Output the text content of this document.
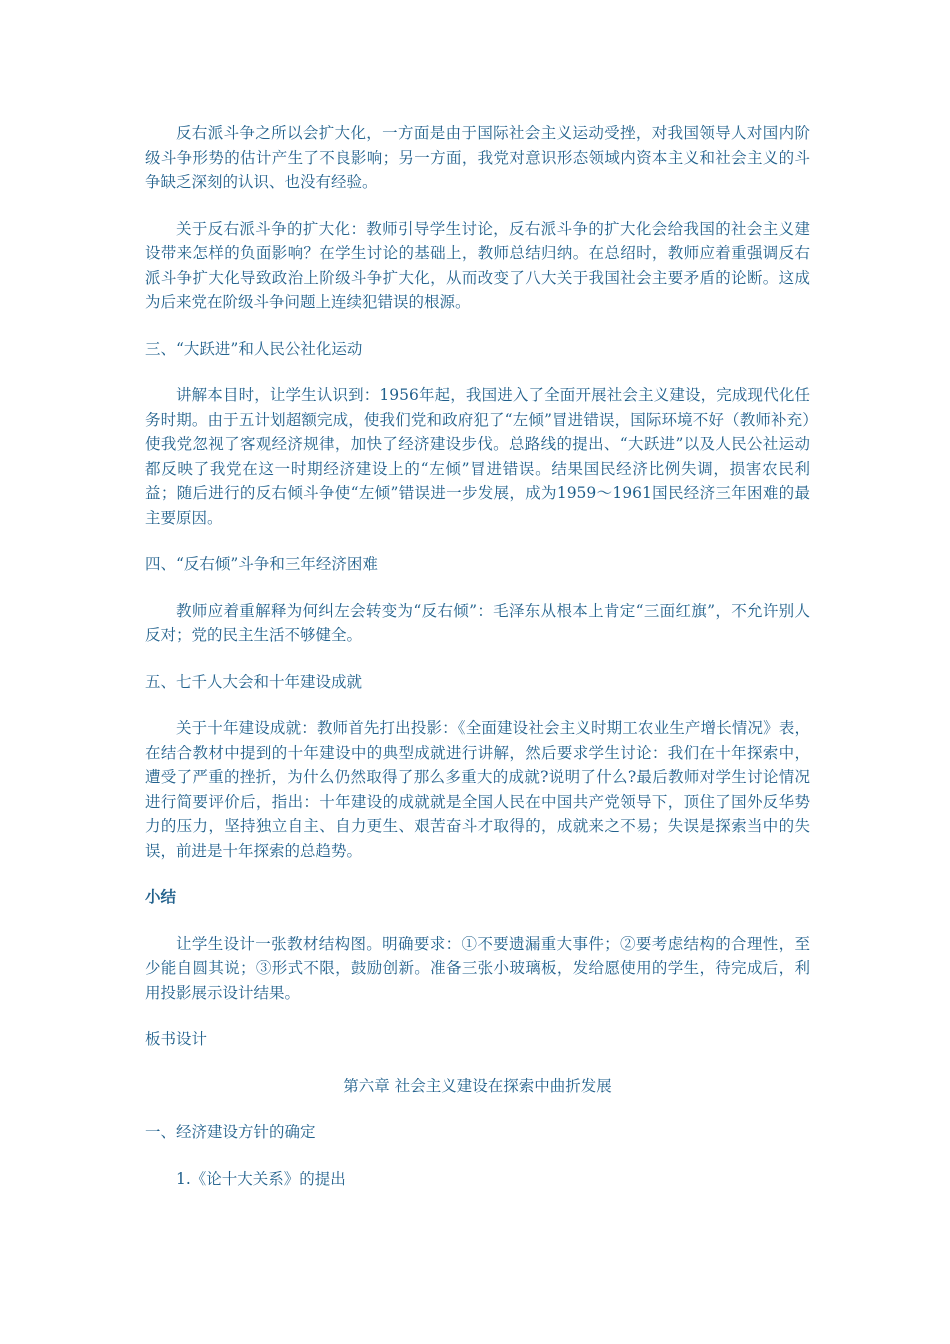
反右派斗争之所以会扩大化，一方面是由于国际社会主义运动受挫，对我国领导人对国内阶级斗争形势的估计产生了不良影响；另一方面，我党对意识形态领域内资本主义和社会主义的斗争缺乏深刻的认识、也没有经验。

关于反右派斗争的扩大化：教师引导学生讨论，反右派斗争的扩大化会给我国的社会主义建设带来怎样的负面影响？在学生讨论的基础上，教师总结归纳。在总绍时，教师应着重强调反右派斗争扩大化导致政治上阶级斗争扩大化，从而改变了八大关于我国社会主要矛盾的论断。这成为后来党在阶级斗争问题上连续犯错误的根源。

三、“大跃进”和人民公社化运动

讲解本目时，让学生认识到：1956年起，我国进入了全面开展社会主义建设，完成现代化任务时期。由于五计划超额完成，使我们党和政府犯了“左倾”冒进错误，国际环境不好（教师补充）使我党忽视了客观经济规律，加快了经济建设步伐。总路线的提出、“大跃进”以及人民公社运动都反映了我党在这一时期经济建设上的“左倾”冒进错误。结果国民经济比例失调，损害农民利益；随后进行的反右倾斗争使“左倾”错误进一步发展，成为1959～1961国民经济三年困难的最主要原因。

四、“反右倾”斗争和三年经济困难

教师应着重解释为何纠左会转变为“反右倾”：毛泽东从根本上肯定“三面红旗”，不允许别人反对；党的民主生活不够健全。

五、七千人大会和十年建设成就

关于十年建设成就：教师首先打出投影：《全面建设社会主义时期工农业生产增长情况》表，在结合教材中提到的十年建设中的典型成就进行讲解，然后要求学生讨论：我们在十年探索中，遭受了严重的挫折，为什么仍然取得了那么多重大的成就?说明了什么?最后教师对学生讨论情况进行简要评价后，指出：十年建设的成就就是全国人民在中国共产党领导下，顶住了国外反华势力的压力，坚持独立自主、自力更生、艰苦奋斗才取得的，成就来之不易；失误是探索当中的失误，前进是十年探索的总趋势。

小结

让学生设计一张教材结构图。明确要求：①不要遗漏重大事件；②要考虑结构的合理性，至少能自圆其说；③形式不限，鼓励创新。准备三张小玻璃板，发给愿使用的学生，待完成后，利用投影展示设计结果。

板书设计

第六章 社会主义建设在探索中曲折发展

一、经济建设方针的确定

1.《论十大关系》的提出
